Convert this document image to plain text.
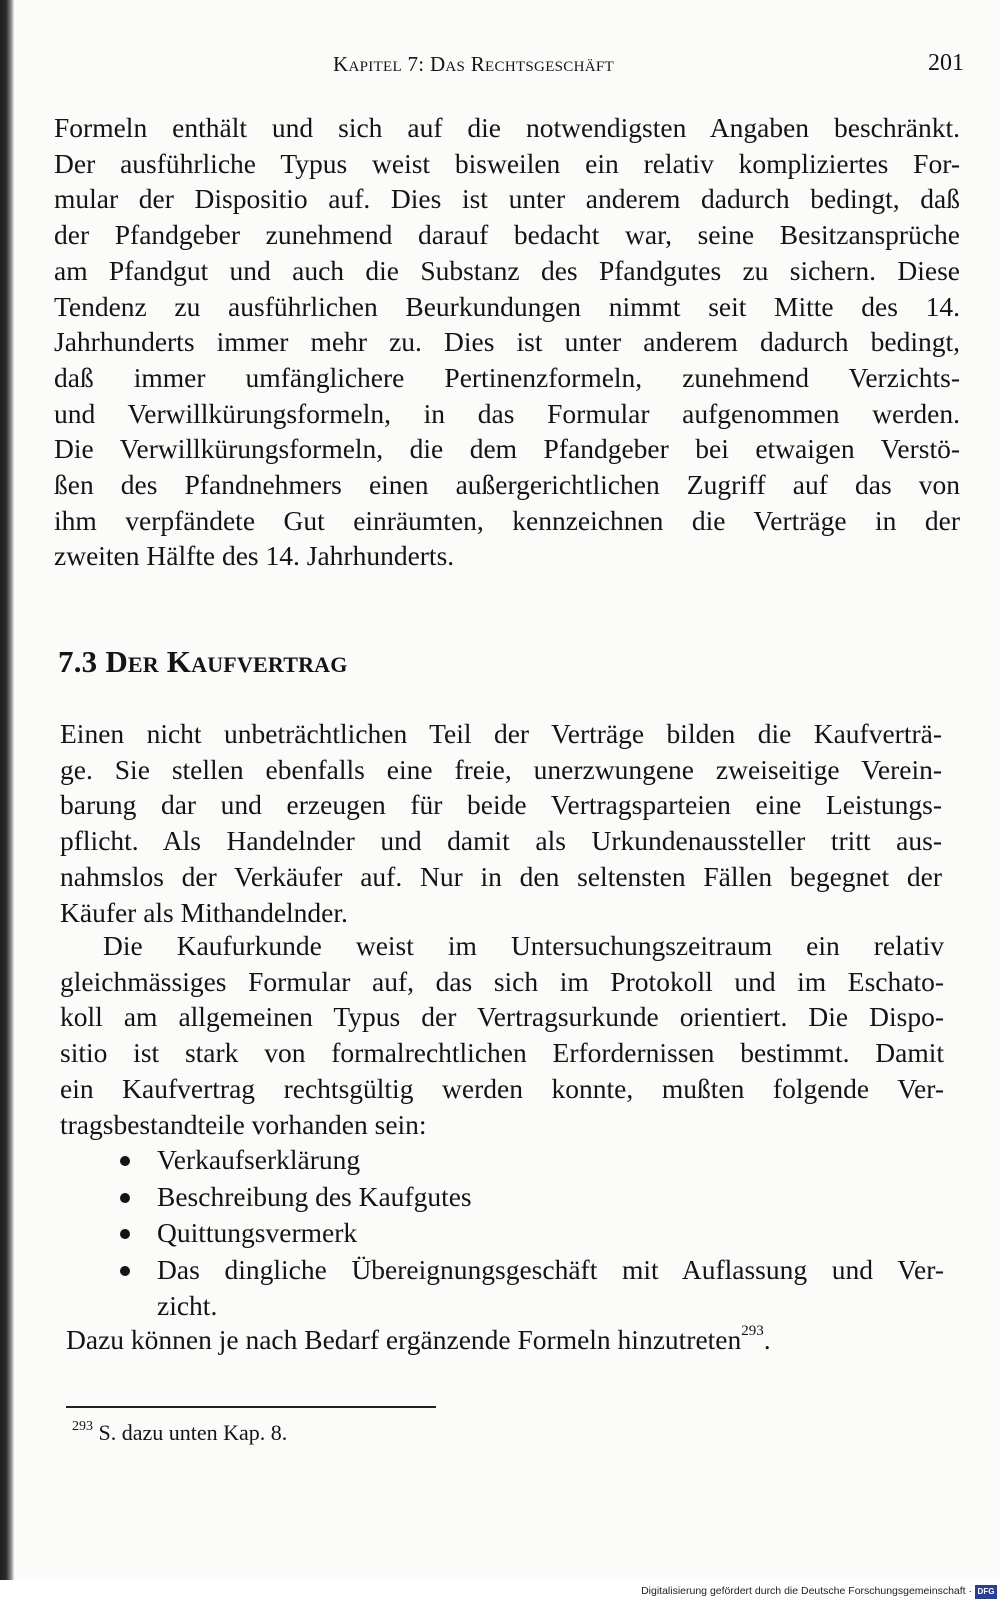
Kapitel 7: Das Rechtsgeschäft	201
Formeln enthält und sich auf die notwendigsten Angaben beschränkt.
Der ausführliche Typus weist bisweilen ein relativ kompliziertes For-
mular der Dispositio auf. Dies ist unter anderem dadurch bedingt, daß
der Pfandgeber zunehmend darauf bedacht war, seine Besitzansprüche
am Pfandgut und auch die Substanz des Pfandgutes zu sichern. Diese
Tendenz zu ausführlichen Beurkundungen nimmt seit Mitte des 14.
Jahrhunderts immer mehr zu. Dies ist unter anderem dadurch bedingt,
daß immer umfänglichere Pertinenzformeln, zunehmend Verzichts-
und Verwillkürungsformeln, in das Formular aufgenommen werden.
Die Verwillkürungsformeln, die dem Pfandgeber bei etwaigen Verstö-
ßen des Pfandnehmers einen außergerichtlichen Zugriff auf das von
ihm verpfändete Gut einräumten, kennzeichnen die Verträge in der
zweiten Hälfte des 14. Jahrhunderts.
7.3 Der Kaufvertrag
Einen nicht unbeträchtlichen Teil der Verträge bilden die Kaufverträ-
ge. Sie stellen ebenfalls eine freie, unerzwungene zweiseitige Verein-
barung dar und erzeugen für beide Vertragsparteien eine Leistungs-
pflicht. Als Handelnder und damit als Urkundenaussteller tritt aus-
nahmslos der Verkäufer auf. Nur in den seltensten Fällen begegnet der
Käufer als Mithandelnder.
Die Kaufurkunde weist im Untersuchungszeitraum ein relativ
gleichmässiges Formular auf, das sich im Protokoll und im Eschato-
koll am allgemeinen Typus der Vertragsurkunde orientiert. Die Dispo-
sitio ist stark von formalrechtlichen Erfordernissen bestimmt. Damit
ein Kaufvertrag rechtsgültig werden konnte, mußten folgende Ver-
tragsbestandteile vorhanden sein:
Verkaufserklärung
Beschreibung des Kaufgutes
Quittungsvermerk
Das dingliche Übereignungsgeschäft mit Auflassung und Ver-
zicht.
Dazu können je nach Bedarf ergänzende Formeln hinzutreten$^{293}$.
$^{293}$ S. dazu unten Kap. 8.
Digitalisierung gefördert durch die Deutsche Forschungsgemeinschaft · DFG
